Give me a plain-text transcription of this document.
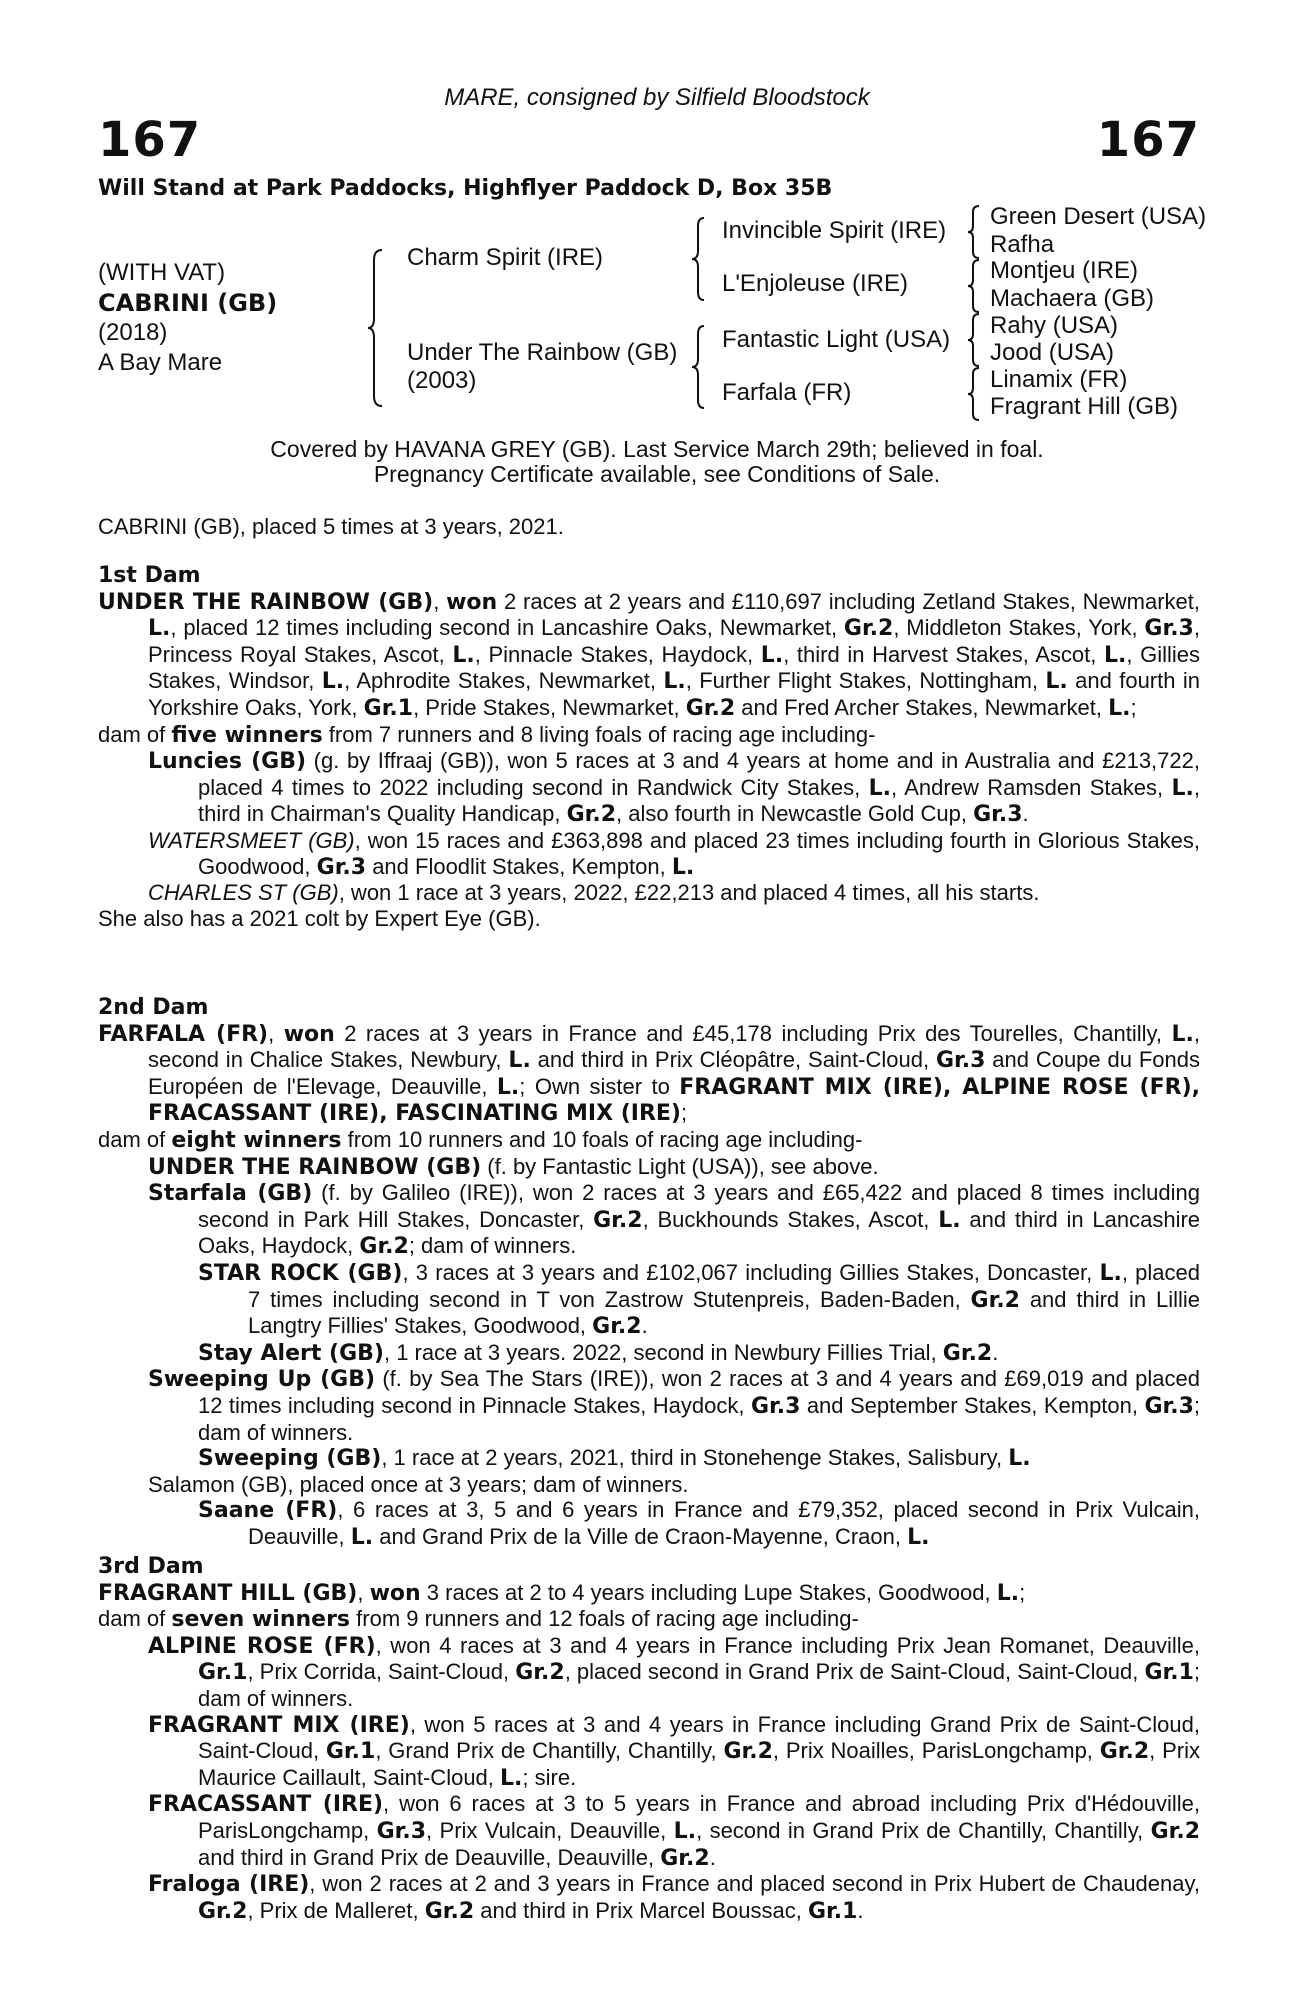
MARE, consigned by Silfield Bloodstock
167	167
Will Stand at Park Paddocks, Highflyer Paddock D, Box 35B
(WITH VAT)
CABRINI (GB)
(2018)
A Bay Mare
Charm Spirit (IRE)
Under The Rainbow (GB)
(2003)
Invincible Spirit (IRE)
L'Enjoleuse (IRE)
Fantastic Light (USA)
Farfala (FR)
Green Desert (USA)
Rafha
Montjeu (IRE)
Machaera (GB)
Rahy (USA)
Jood (USA)
Linamix (FR)
Fragrant Hill (GB)
Covered by HAVANA GREY (GB). Last Service March 29th; believed in foal.
Pregnancy Certificate available, see Conditions of Sale.
CABRINI (GB), placed 5 times at 3 years, 2021.
1st Dam

UNDER THE RAINBOW (GB), won 2 races at 2 years and £110,697 including Zetland Stakes, Newmarket, L., placed 12 times including second in Lancashire Oaks, Newmarket, Gr.2, Middleton Stakes, York, Gr.3, Princess Royal Stakes, Ascot, L., Pinnacle Stakes, Haydock, L., third in Harvest Stakes, Ascot, L., Gillies Stakes, Windsor, L., Aphrodite Stakes, Newmarket, L., Further Flight Stakes, Nottingham, L. and fourth in Yorkshire Oaks, York, Gr.1, Pride Stakes, Newmarket, Gr.2 and Fred Archer Stakes, Newmarket, L.;

dam of five winners from 7 runners and 8 living foals of racing age including-

Luncies (GB) (g. by Iffraaj (GB)), won 5 races at 3 and 4 years at home and in Australia and £213,722, placed 4 times to 2022 including second in Randwick City Stakes, L., Andrew Ramsden Stakes, L., third in Chairman's Quality Handicap, Gr.2, also fourth in Newcastle Gold Cup, Gr.3.

WATERSMEET (GB), won 15 races and £363,898 and placed 23 times including fourth in Glorious Stakes, Goodwood, Gr.3 and Floodlit Stakes, Kempton, L.

CHARLES ST (GB), won 1 race at 3 years, 2022, £22,213 and placed 4 times, all his starts.

She also has a 2021 colt by Expert Eye (GB).

2nd Dam

FARFALA (FR), won 2 races at 3 years in France and £45,178 including Prix des Tourelles, Chantilly, L., second in Chalice Stakes, Newbury, L. and third in Prix Cléopâtre, Saint-Cloud, Gr.3 and Coupe du Fonds Européen de l'Elevage, Deauville, L.; Own sister to FRAGRANT MIX (IRE), ALPINE ROSE (FR), FRACASSANT (IRE), FASCINATING MIX (IRE);

dam of eight winners from 10 runners and 10 foals of racing age including-

UNDER THE RAINBOW (GB) (f. by Fantastic Light (USA)), see above.

Starfala (GB) (f. by Galileo (IRE)), won 2 races at 3 years and £65,422 and placed 8 times including second in Park Hill Stakes, Doncaster, Gr.2, Buckhounds Stakes, Ascot, L. and third in Lancashire Oaks, Haydock, Gr.2; dam of winners.

STAR ROCK (GB), 3 races at 3 years and £102,067 including Gillies Stakes, Doncaster, L., placed 7 times including second in T von Zastrow Stutenpreis, Baden-Baden, Gr.2 and third in Lillie Langtry Fillies' Stakes, Goodwood, Gr.2.

Stay Alert (GB), 1 race at 3 years. 2022, second in Newbury Fillies Trial, Gr.2.

Sweeping Up (GB) (f. by Sea The Stars (IRE)), won 2 races at 3 and 4 years and £69,019 and placed 12 times including second in Pinnacle Stakes, Haydock, Gr.3 and September Stakes, Kempton, Gr.3; dam of winners.

Sweeping (GB), 1 race at 2 years, 2021, third in Stonehenge Stakes, Salisbury, L.

Salamon (GB), placed once at 3 years; dam of winners.

Saane (FR), 6 races at 3, 5 and 6 years in France and £79,352, placed second in Prix Vulcain, Deauville, L. and Grand Prix de la Ville de Craon-Mayenne, Craon, L.

3rd Dam

FRAGRANT HILL (GB), won 3 races at 2 to 4 years including Lupe Stakes, Goodwood, L.;

dam of seven winners from 9 runners and 12 foals of racing age including-

ALPINE ROSE (FR), won 4 races at 3 and 4 years in France including Prix Jean Romanet, Deauville, Gr.1, Prix Corrida, Saint-Cloud, Gr.2, placed second in Grand Prix de Saint-Cloud, Saint-Cloud, Gr.1; dam of winners.

FRAGRANT MIX (IRE), won 5 races at 3 and 4 years in France including Grand Prix de Saint-Cloud, Saint-Cloud, Gr.1, Grand Prix de Chantilly, Chantilly, Gr.2, Prix Noailles, ParisLongchamp, Gr.2, Prix Maurice Caillault, Saint-Cloud, L.; sire.

FRACASSANT (IRE), won 6 races at 3 to 5 years in France and abroad including Prix d'Hédouville, ParisLongchamp, Gr.3, Prix Vulcain, Deauville, L., second in Grand Prix de Chantilly, Chantilly, Gr.2 and third in Grand Prix de Deauville, Deauville, Gr.2.

Fraloga (IRE), won 2 races at 2 and 3 years in France and placed second in Prix Hubert de Chaudenay, Gr.2, Prix de Malleret, Gr.2 and third in Prix Marcel Boussac, Gr.1.
